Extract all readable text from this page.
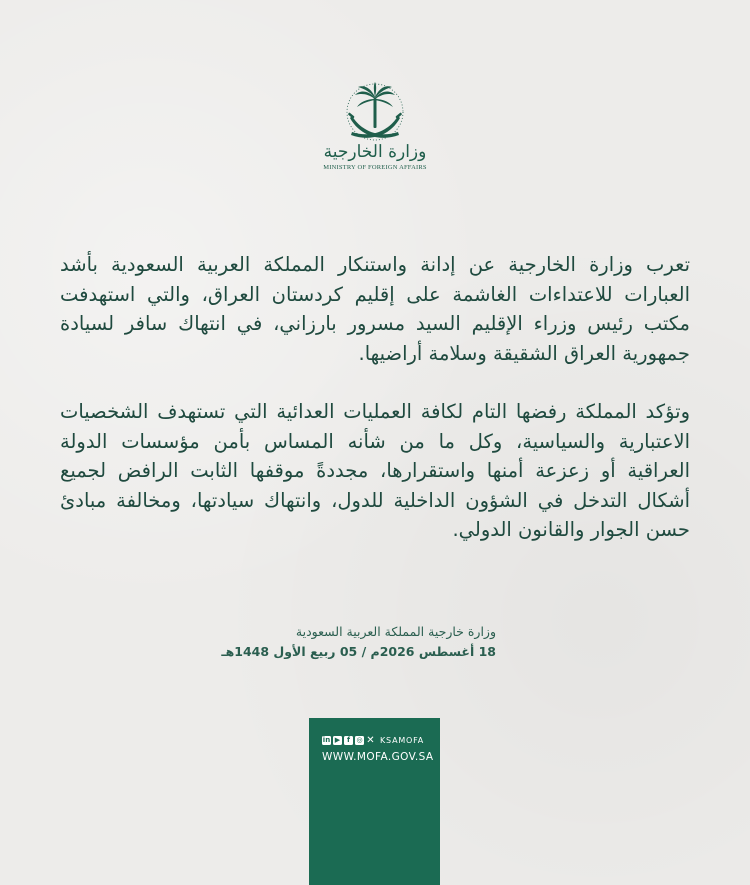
وزارة الخارجية
MINISTRY OF FOREIGN AFFAIRS

تعرب وزارة الخارجية عن إدانة واستنكار المملكة العربية السعودية بأشد العبارات للاعتداءات الغاشمة على إقليم كردستان العراق، والتي استهدفت مكتب رئيس وزراء الإقليم السيد مسرور بارزاني، في انتهاك سافر لسيادة جمهورية العراق الشقيقة وسلامة أراضيها.

وتؤكد المملكة رفضها التام لكافة العمليات العدائية التي تستهدف الشخصيات الاعتبارية والسياسية، وكل ما من شأنه المساس بأمن مؤسسات الدولة العراقية أو زعزعة أمنها واستقرارها، مجددةً موقفها الثابت الرافض لجميع أشكال التدخل في الشؤون الداخلية للدول، وانتهاك سيادتها، ومخالفة مبادئ حسن الجوار والقانون الدولي.

وزارة خارجية المملكة العربية السعودية
18 أغسطس 2026م / 05 ربيع الأول 1448هـ
in ▶ f ◎ ✕ KSAMOFA
WWW.MOFA.GOV.SA
